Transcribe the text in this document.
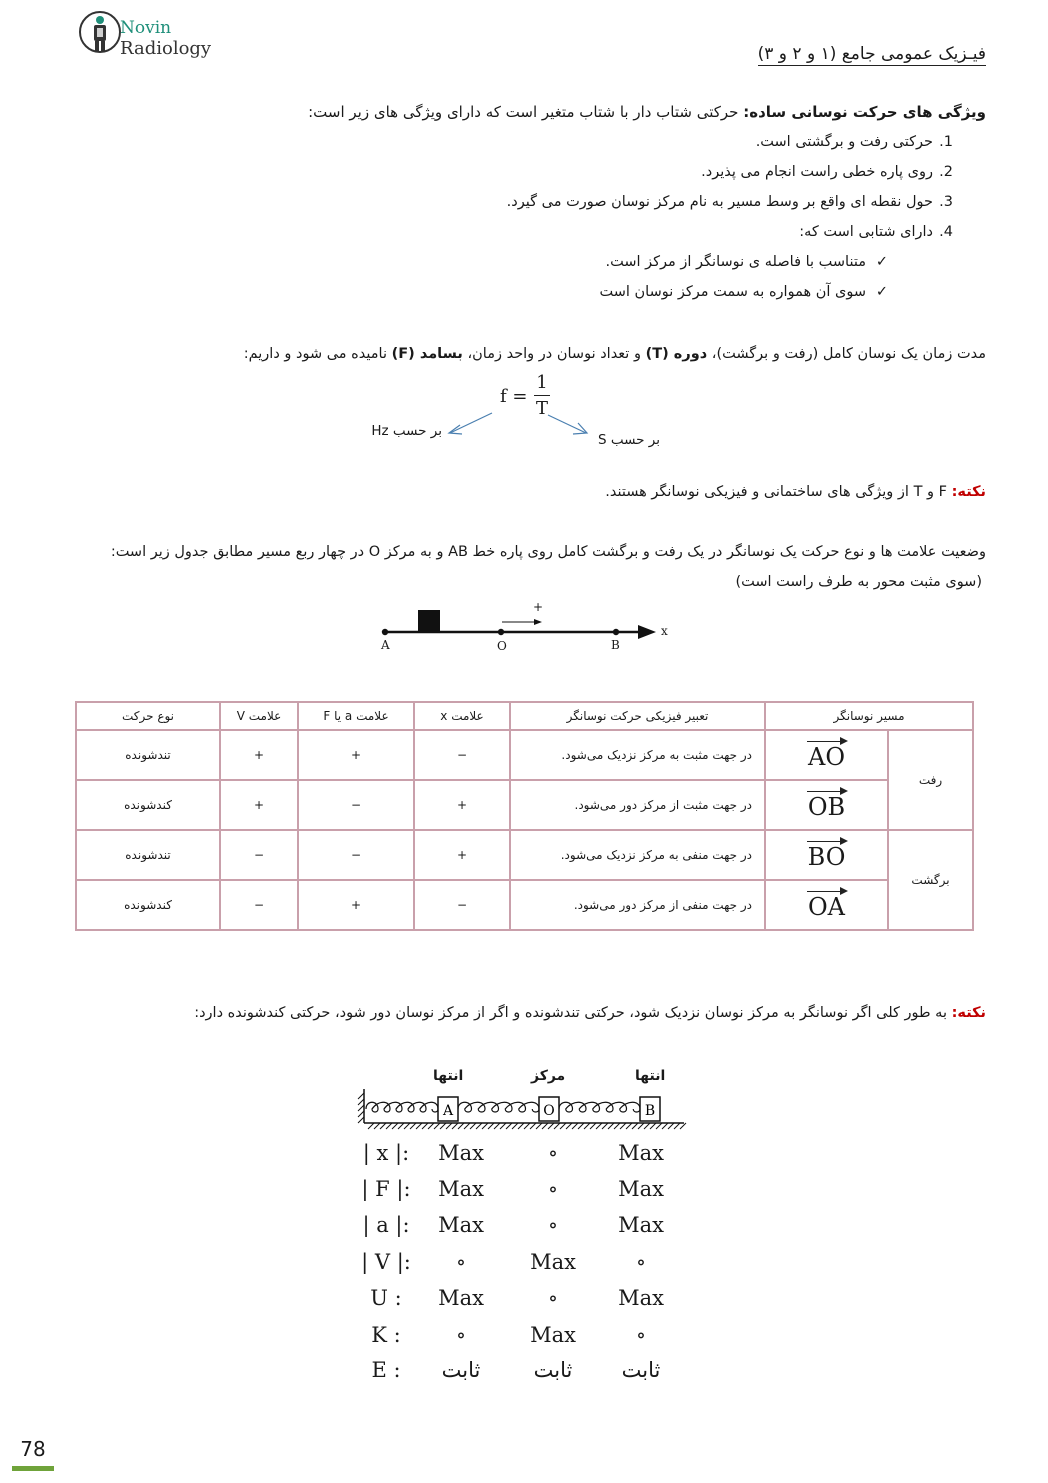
Novin
Radiology	فیـزیک عمومی جامع (۱ و ۲ و ۳)
ویژگی های حرکت نوسانی ساده: حرکتی شتاب دار با شتاب متغیر است که دارای ویژگی های زیر است:
1.حرکتی رفت و برگشتی است.
2.روی پاره خطی راست انجام می پذیرد.
3.حول نقطه ای واقع بر وسط مسیر به نام مرکز نوسان صورت می گیرد.
4.دارای شتابی است که:
✓متناسب با فاصله ی نوسانگر از مرکز است.
✓سوی آن همواره به سمت مرکز نوسان است
مدت زمان یک نوسان کامل (رفت و برگشت)، دوره (T) و تعداد نوسان در واحد زمان، بسامد (F) نامیده می شود و داریم:
f =
1
T
بر حسب Hz
بر حسب S
نکته: F و T از ویژگی های ساختمانی و فیزیکی نوسانگر هستند.
وضعیت علامت ها و نوع حرکت یک نوسانگر در یک رفت و برگشت کامل روی پاره خط AB و به مرکز O در چهار ربع مسیر مطابق جدول زیر است:
(سوی مثبت محور به طرف راست است)
A	O	B
x
+
مسیر نوسانگر		تعبیر فیزیکی حرکت نوسانگر	علامت x	علامت a یا F	علامت V	نوع حرکت
رفت	AO	در جهت مثبت به مرکز نزدیک می‌شود.	−	+	+	تندشونده
	OB	در جهت مثبت از مرکز دور می‌شود.	+	−	+	کندشونده
برگشت	BO	در جهت منفی به مرکز نزدیک می‌شود.	+	−	−	تندشونده
	OA	در جهت منفی از مرکز دور می‌شود.	−	+	−	کندشونده
نکته: به طور کلی اگر نوسانگر به مرکز نوسان نزدیک شود، حرکتی تندشونده و اگر از مرکز نوسان دور شود، حرکتی کندشونده دارد:
انتها	مرکز	انتها
A	O	B
| x |:	Max	∘	Max
| F |:	Max	∘	Max
| a |:	Max	∘	Max
| V |:	∘	Max	∘
U :	Max	∘	Max
K :	∘	Max	∘
E :	ثابت	ثابت	ثابت
78
